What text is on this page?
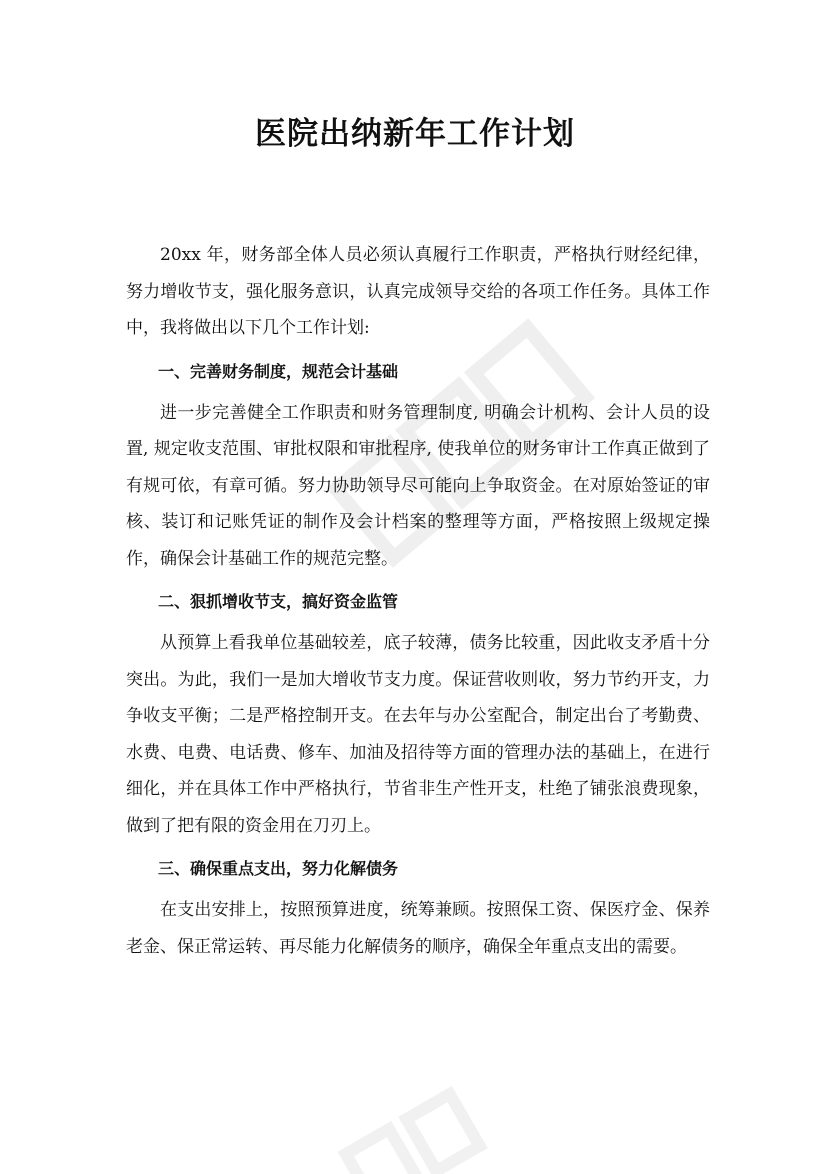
医院出纳新年工作计划

20xx 年，财务部全体人员必须认真履行工作职责，严格执行财经纪律，努力增收节支，强化服务意识，认真完成领导交给的各项工作任务。具体工作中，我将做出以下几个工作计划:

一、完善财务制度，规范会计基础

进一步完善健全工作职责和财务管理制度, 明确会计机构、会计人员的设置, 规定收支范围、审批权限和审批程序, 使我单位的财务审计工作真正做到了有规可依，有章可循。努力协助领导尽可能向上争取资金。在对原始签证的审核、装订和记账凭证的制作及会计档案的整理等方面，严格按照上级规定操作，确保会计基础工作的规范完整。

二、狠抓增收节支，搞好资金监管

从预算上看我单位基础较差，底子较薄，债务比较重，因此收支矛盾十分突出。为此，我们一是加大增收节支力度。保证营收则收，努力节约开支，力争收支平衡；二是严格控制开支。在去年与办公室配合，制定出台了考勤费、水费、电费、电话费、修车、加油及招待等方面的管理办法的基础上，在进行细化，并在具体工作中严格执行，节省非生产性开支，杜绝了铺张浪费现象，做到了把有限的资金用在刀刃上。

三、确保重点支出，努力化解债务

在支出安排上，按照预算进度，统筹兼顾。按照保工资、保医疗金、保养老金、保正常运转、再尽能力化解债务的顺序，确保全年重点支出的需要。
